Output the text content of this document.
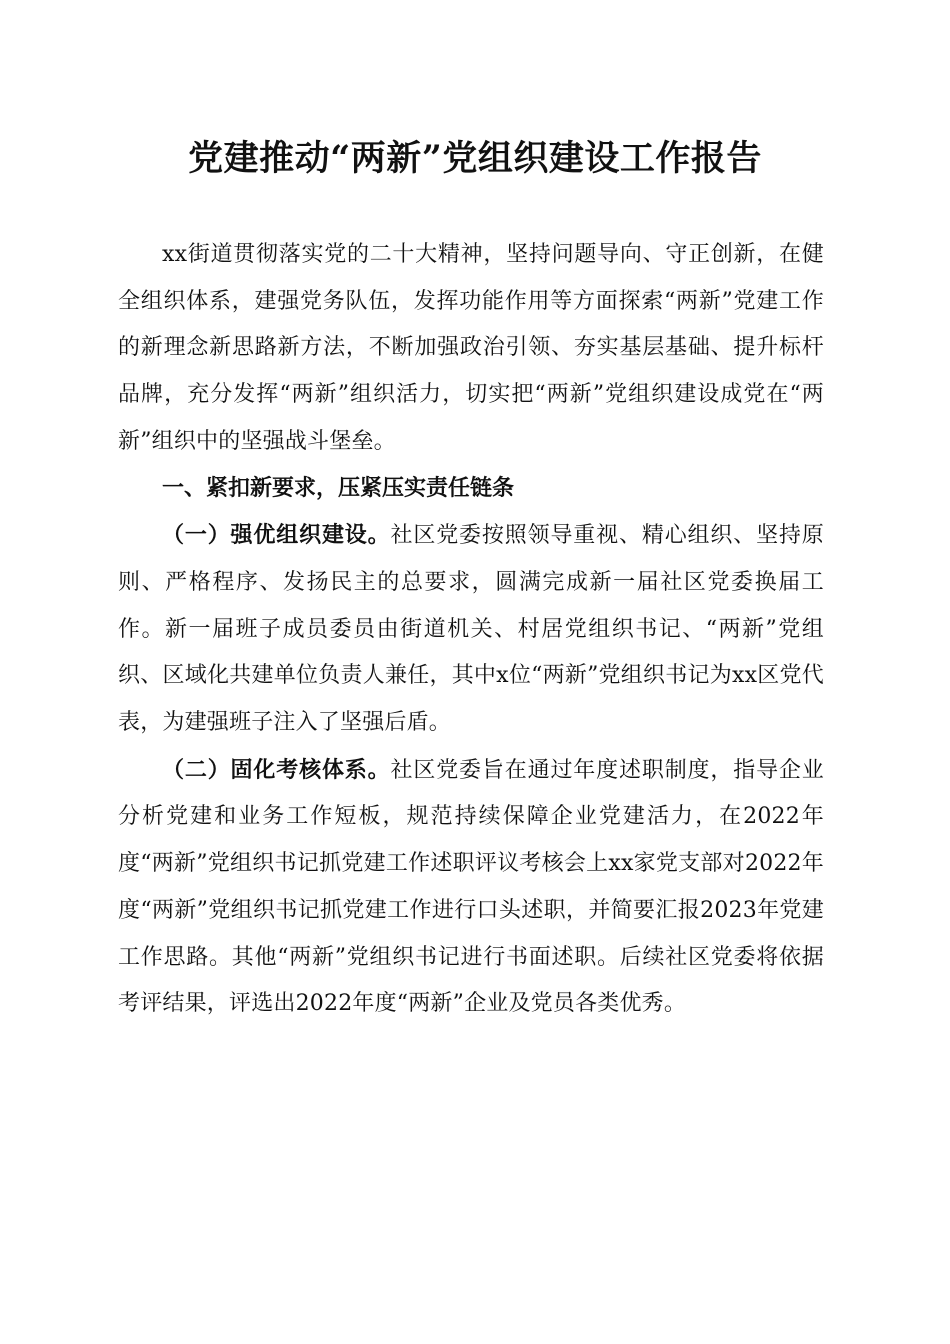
党建推动“两新”党组织建设工作报告

xx街道贯彻落实党的二十大精神，坚持问题导向、守正创新，在健全组织体系，建强党务队伍，发挥功能作用等方面探索“两新”党建工作的新理念新思路新方法，不断加强政治引领、夯实基层基础、提升标杆品牌，充分发挥“两新”组织活力，切实把“两新”党组织建设成党在“两新”组织中的坚强战斗堡垒。

一、紧扣新要求，压紧压实责任链条

（一）强优组织建设。社区党委按照领导重视、精心组织、坚持原则、严格程序、发扬民主的总要求，圆满完成新一届社区党委换届工作。新一届班子成员委员由街道机关、村居党组织书记、“两新”党组织、区域化共建单位负责人兼任，其中x位“两新”党组织书记为xx区党代表，为建强班子注入了坚强后盾。

（二）固化考核体系。社区党委旨在通过年度述职制度，指导企业分析党建和业务工作短板，规范持续保障企业党建活力，在2022年度“两新”党组织书记抓党建工作述职评议考核会上xx家党支部对2022年度“两新”党组织书记抓党建工作进行口头述职，并简要汇报2023年党建工作思路。其他“两新”党组织书记进行书面述职。后续社区党委将依据考评结果，评选出2022年度“两新”企业及党员各类优秀。
